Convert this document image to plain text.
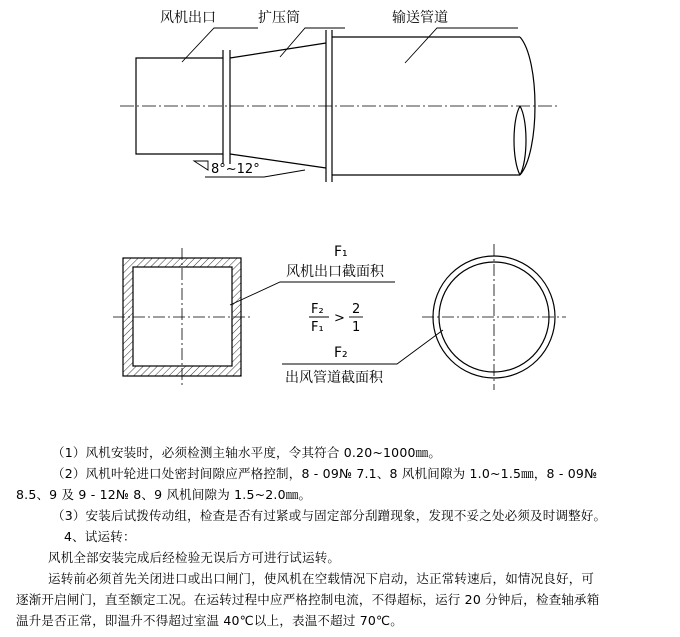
风机出口	扩压筒	输送管道
8°~12°
F₁
风机出口截面积
F₂
出风管道截面积
F₂
F₁
>
2
1
（1）风机安装时，必须检测主轴水平度，令其符合 0.20~1000㎜。
（2）风机叶轮进口处密封间隙应严格控制，8 - 09№ 7.1、8 风机间隙为 1.0~1.5㎜，8 - 09№
8.5、9 及 9 - 12№ 8、9 风机间隙为 1.5~2.0㎜。
（3）安装后试拨传动组，检查是否有过紧或与固定部分刮蹭现象，发现不妥之处必须及时调整好。
4、试运转：
风机全部安装完成后经检验无误后方可进行试运转。
运转前必须首先关闭进口或出口闸门，使风机在空载情况下启动，达正常转速后，如情况良好，可
逐渐开启闸门，直至额定工况。在运转过程中应严格控制电流，不得超标，运行 20 分钟后，检查轴承箱
温升是否正常，即温升不得超过室温 40℃以上，表温不超过 70℃。
